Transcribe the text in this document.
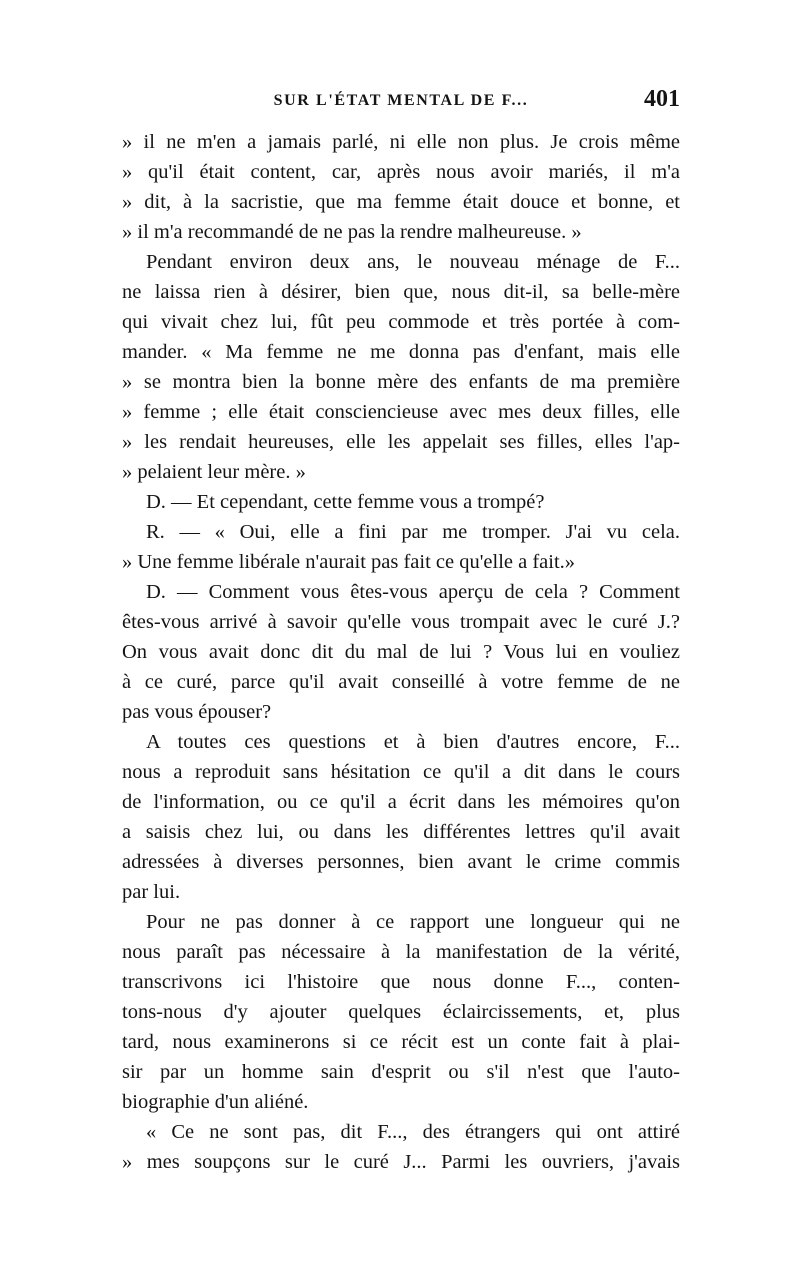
SUR L'ÉTAT MENTAL DE F...	401
» il ne m'en a jamais parlé, ni elle non plus. Je crois même
» qu'il était content, car, après nous avoir mariés, il m'a
» dit, à la sacristie, que ma femme était douce et bonne, et
» il m'a recommandé de ne pas la rendre malheureuse. »
Pendant environ deux ans, le nouveau ménage de F...
ne laissa rien à désirer, bien que, nous dit-il, sa belle-mère
qui vivait chez lui, fût peu commode et très portée à com-
mander. « Ma femme ne me donna pas d'enfant, mais elle
» se montra bien la bonne mère des enfants de ma première
» femme ; elle était consciencieuse avec mes deux filles, elle
» les rendait heureuses, elle les appelait ses filles, elles l'ap-
» pelaient leur mère. »
D. — Et cependant, cette femme vous a trompé?
R. — « Oui, elle a fini par me tromper. J'ai vu cela.
» Une femme libérale n'aurait pas fait ce qu'elle a fait.»
D. — Comment vous êtes-vous aperçu de cela ? Comment
êtes-vous arrivé à savoir qu'elle vous trompait avec le curé J.?
On vous avait donc dit du mal de lui ? Vous lui en vouliez
à ce curé, parce qu'il avait conseillé à votre femme de ne
pas vous épouser?
A toutes ces questions et à bien d'autres encore, F...
nous a reproduit sans hésitation ce qu'il a dit dans le cours
de l'information, ou ce qu'il a écrit dans les mémoires qu'on
a saisis chez lui, ou dans les différentes lettres qu'il avait
adressées à diverses personnes, bien avant le crime commis
par lui.
Pour ne pas donner à ce rapport une longueur qui ne
nous paraît pas nécessaire à la manifestation de la vérité,
transcrivons ici l'histoire que nous donne F..., conten-
tons-nous d'y ajouter quelques éclaircissements, et, plus
tard, nous examinerons si ce récit est un conte fait à plai-
sir par un homme sain d'esprit ou s'il n'est que l'auto-
biographie d'un aliéné.
« Ce ne sont pas, dit F..., des étrangers qui ont attiré
» mes soupçons sur le curé J... Parmi les ouvriers, j'avais
